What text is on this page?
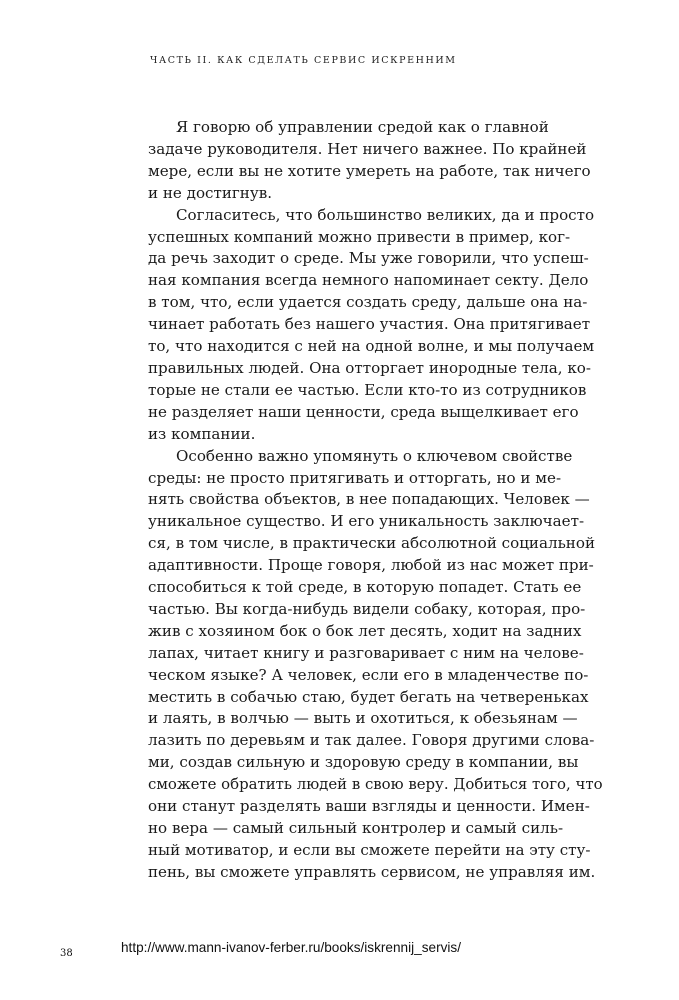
ЧАСТЬ II. КАК СДЕЛАТЬ СЕРВИС ИСКРЕННИМ
Я говорю об управлении средой как о главной
задаче руководителя. Нет ничего важнее. По крайней
мере, если вы не хотите умереть на работе, так ничего
и не достигнув.
Согласитесь, что большинство великих, да и просто
успешных компаний можно привести в пример, ког-
да речь заходит о среде. Мы уже говорили, что успеш-
ная компания всегда немного напоминает секту. Дело
в том, что, если удается создать среду, дальше она на-
чинает работать без нашего участия. Она притягивает
то, что находится с ней на одной волне, и мы получаем
правильных людей. Она отторгает инородные тела, ко-
торые не стали ее частью. Если кто-то из сотрудников
не разделяет наши ценности, среда выщелкивает его
из компании.
Особенно важно упомянуть о ключевом свойстве
среды: не просто притягивать и отторгать, но и ме-
нять свойства объектов, в нее попадающих. Человек —
уникальное существо. И его уникальность заключает-
ся, в том числе, в практически абсолютной социальной
адаптивности. Проще говоря, любой из нас может при-
способиться к той среде, в которую попадет. Стать ее
частью. Вы когда-нибудь видели собаку, которая, про-
жив с хозяином бок о бок лет десять, ходит на задних
лапах, читает книгу и разговаривает с ним на челове-
ческом языке? А человек, если его в младенчестве по-
местить в собачью стаю, будет бегать на четвереньках
и лаять, в волчью — выть и охотиться, к обезьянам —
лазить по деревьям и так далее. Говоря другими слова-
ми, создав сильную и здоровую среду в компании, вы
сможете обратить людей в свою веру. Добиться того, что
они станут разделять ваши взгляды и ценности. Имен-
но вера — самый сильный контролер и самый силь-
ный мотиватор, и если вы сможете перейти на эту сту-
пень, вы сможете управлять сервисом, не управляя им.
38	http://www.mann-ivanov-ferber.ru/books/iskrennij_servis/
